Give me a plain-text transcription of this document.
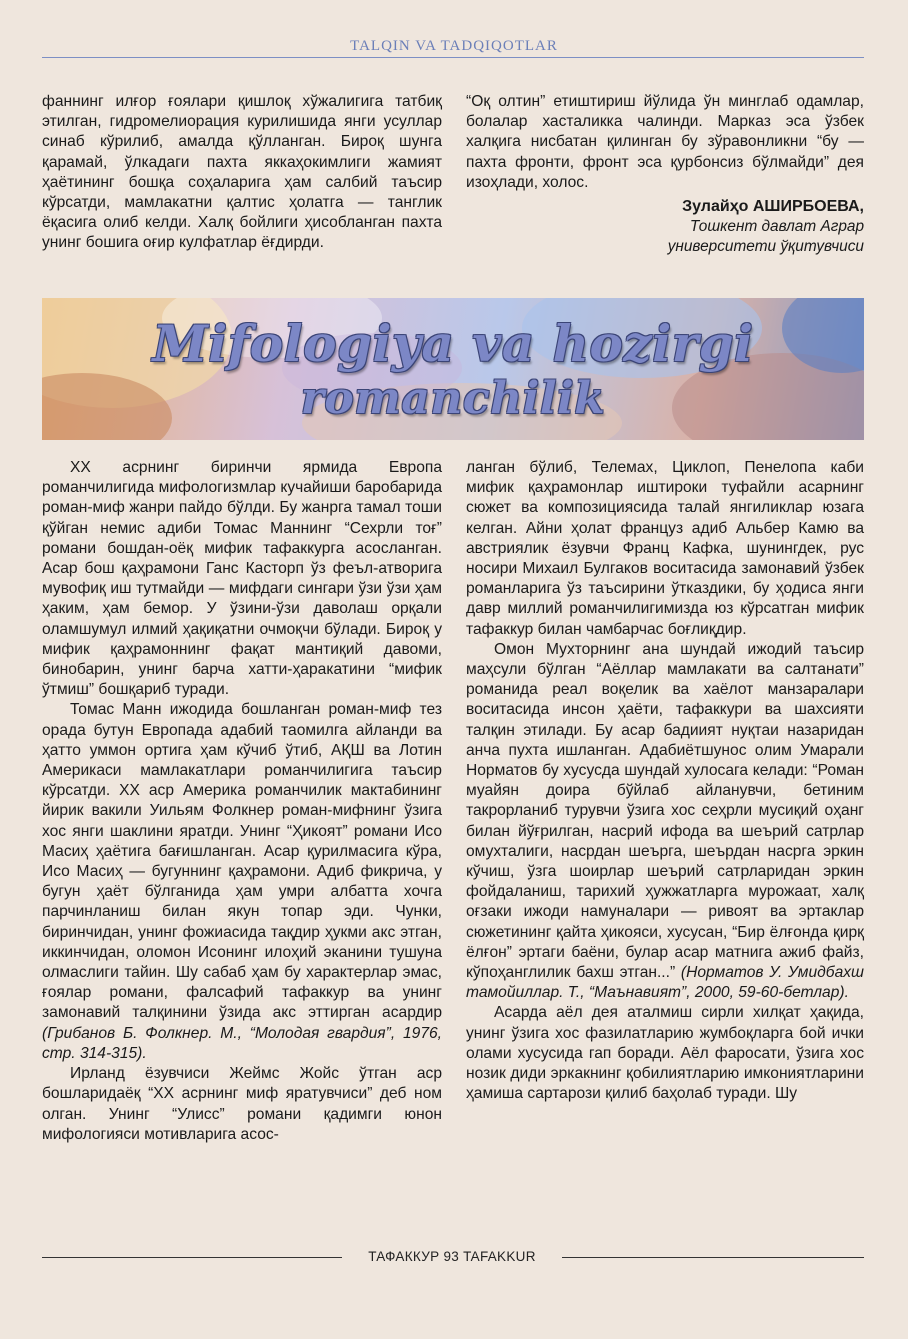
TALQIN VA TADQIQOTLAR

фаннинг илғор ғоялари қишлоқ хўжалигига татбиқ этилган, гидромелиорация курилишида янги усуллар синаб кўрилиб, амалда қўлланган. Бироқ шунга қарамай, ўлкадаги пахта яккаҳокимлиги жамият ҳаётининг бошқа соҳаларига ҳам салбий таъсир кўрсатди, мамлакатни қалтис ҳолатга — танглик ёқасига олиб келди. Халқ бойлиги ҳисобланган пахта унинг бошига оғир кулфатлар ёғдирди.

“Оқ олтин” етиштириш йўлида ўн минглаб одамлар, болалар хасталикка чалинди. Марказ эса ўзбек халқига нисбатан қилинган бу зўравонликни “бу — пахта фронти, фронт эса қурбонсиз бўлмайди” дея изоҳлади, холос.

Зулайҳо АШИРБОЕВА,
Тошкент давлат Аграр
университети ўқитувчиси
Mifologiya va hozirgi
romanchilik

XX асрнинг биринчи ярмида Европа романчилигида мифологизмлар кучайиши баробарида роман-миф жанри пайдо бўлди. Бу жанрга тамал тоши қўйган немис адиби Томас Маннинг “Сехрли тоғ” романи бошдан-оёқ мифик тафаккурга асосланган. Асар бош қаҳрамони Ганс Касторп ўз феъл-атворига мувофиқ иш тутмайди — мифдаги сингари ўзи ўзи ҳам ҳаким, ҳам бемор. У ўзини-ўзи даволаш орқали оламшумул илмий ҳақиқатни очмоқчи бўлади. Бироқ у мифик қаҳрамоннинг фақат мантиқий давоми, бинобарин, унинг барча хатти-ҳаракатини “мифик ўтмиш” бошқариб туради.

Томас Манн ижодида бошланган роман-миф тез орада бутун Европада адабий таомилга айланди ва ҳатто уммон ортига ҳам кўчиб ўтиб, АҚШ ва Лотин Америкаси мамлакатлари романчилигига таъсир кўрсатди. XX аср Америка романчилик мактабининг йирик вакили Уильям Фолкнер роман-мифнинг ўзига хос янги шаклини яратди. Унинг “Ҳикоят” романи Исо Масиҳ ҳаётига бағишланган. Асар қурилмасига кўра, Исо Масиҳ — бугуннинг қаҳрамони. Адиб фикрича, у бугун ҳаёт бўлганида ҳам умри албатта хочга парчинланиш билан якун топар эди. Чунки, биринчидан, унинг фожиасида тақдир ҳукми акс этган, иккинчидан, оломон Исонинг илоҳий эканини тушуна олмаслиги тайин. Шу сабаб ҳам бу характерлар эмас, ғоялар романи, фалсафий тафаккур ва унинг замонавий талқинини ўзида акс эттирган асардир (Грибанов Б. Фолкнер. М., “Молодая гвардия”, 1976, стр. 314-315).

Ирланд ёзувчиси Жеймс Жойс ўтган аср бошларидаёқ “XX асрнинг миф яратувчиси” деб ном олган. Унинг “Улисс” романи қадимги юнон мифологияси мотивларига асос-

ланган бўлиб, Телемах, Циклоп, Пенелопа каби мифик қаҳрамонлар иштироки туфайли асарнинг сюжет ва композициясида талай янгиликлар юзага келган. Айни ҳолат француз адиб Альбер Камю ва австриялик ёзувчи Франц Кафка, шунингдек, рус носири Михаил Булгаков воситасида замонавий ўзбек романларига ўз таъсирини ўтказдики, бу ҳодиса янги давр миллий романчилигимизда юз кўрсатган мифик тафаккур билан чамбарчас боғлиқдир.

Омон Мухторнинг ана шундай ижодий таъсир маҳсули бўлган “Аёллар мамлакати ва салтанати” романида реал воқелик ва хаёлот манзаралари воситасида инсон ҳаёти, тафаккури ва шахсияти талқин этилади. Бу асар бадиият нуқтаи назаридан анча пухта ишланган. Адабиётшунос олим Умарали Норматов бу хусусда шундай хулосага келади: “Роман муайян доира бўйлаб айланувчи, бетиним такрорланиб турувчи ўзига хос сеҳрли мусиқий оҳанг билан йўғрилган, насрий ифода ва шеърий сатрлар омухталиги, насрдан шеърга, шеърдан насрга эркин кўчиш, ўзга шоирлар шеърий сатрларидан эркин фойдаланиш, тарихий ҳужжатларга мурожаат, халқ оғзаки ижоди намуналари — ривоят ва эртаклар сюжетининг қайта ҳикояси, хусусан, “Бир ёлғонда қирқ ёлғон” эртаги баёни, булар асар матнига ажиб файз, кўпоҳанглилик бахш этган...” (Норматов У. Умидбахш тамойиллар. Т., “Маънавият”, 2000, 59-60-бетлар).

Асарда аёл дея аталмиш сирли хилқат ҳақида, унинг ўзига хос фазилатларию жумбоқларга бой ички олами хусусида гап боради. Аёл фаросати, ўзига хос нозик диди эркакнинг қобилиятларию имкониятларини ҳамиша сартарози қилиб баҳолаб туради. Шу

ТАФАККУР 93 TAFAKKUR
